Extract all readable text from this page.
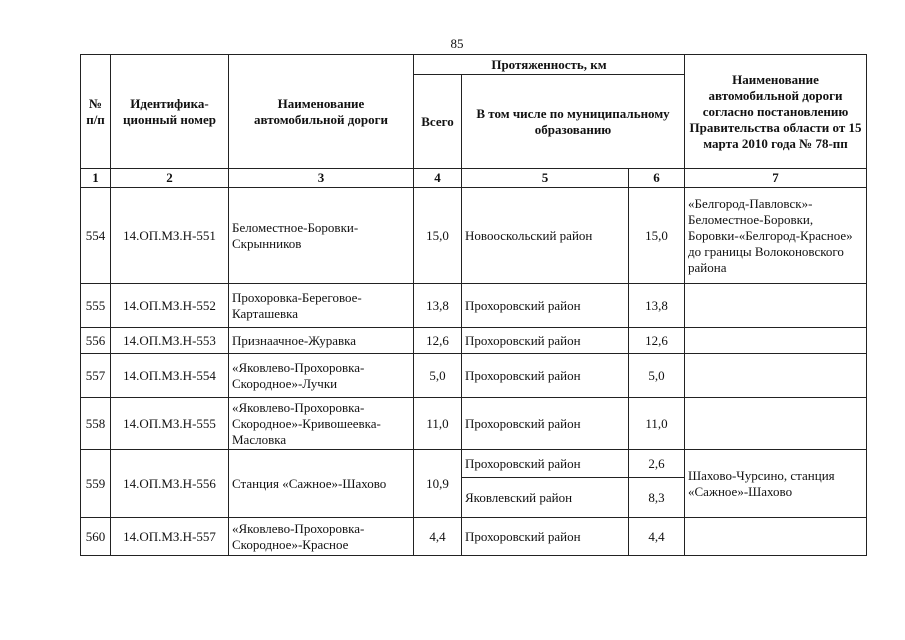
85
№ п/п	Идентифика-ционный номер	Наименование автомобильной дороги	Протяженность, км			Наименование автомобильной дороги согласно постановлению Правительства области от 15 марта 2010 года № 78-пп
			Всего	В том числе по муниципальному образованию		
1	2	3	4	5	6	7
554	14.ОП.МЗ.Н-551	Беломестное-Боровки-Скрынников	15,0	Новооскольский район	15,0	«Белгород-Павловск»-Беломестное-Боровки, Боровки-«Белгород-Красное» до границы Волоконовского района
555	14.ОП.МЗ.Н-552	Прохоровка-Береговое-Карташевка	13,8	Прохоровский район	13,8	
556	14.ОП.МЗ.Н-553	Признаачное-Журавка	12,6	Прохоровский район	12,6	
557	14.ОП.МЗ.Н-554	«Яковлево-Прохоровка-Скородное»-Лучки	5,0	Прохоровский район	5,0	
558	14.ОП.МЗ.Н-555	«Яковлево-Прохоровка-Скородное»-Кривошеевка-Масловка	11,0	Прохоровский район	11,0	
559	14.ОП.МЗ.Н-556	Станция «Сажное»-Шахово	10,9	Прохоровский район	2,6	Шахово-Чурсино, станция «Сажное»-Шахово
				Яковлевский район	8,3	
560	14.ОП.МЗ.Н-557	«Яковлево-Прохоровка-Скородное»-Красное	4,4	Прохоровский район	4,4	
